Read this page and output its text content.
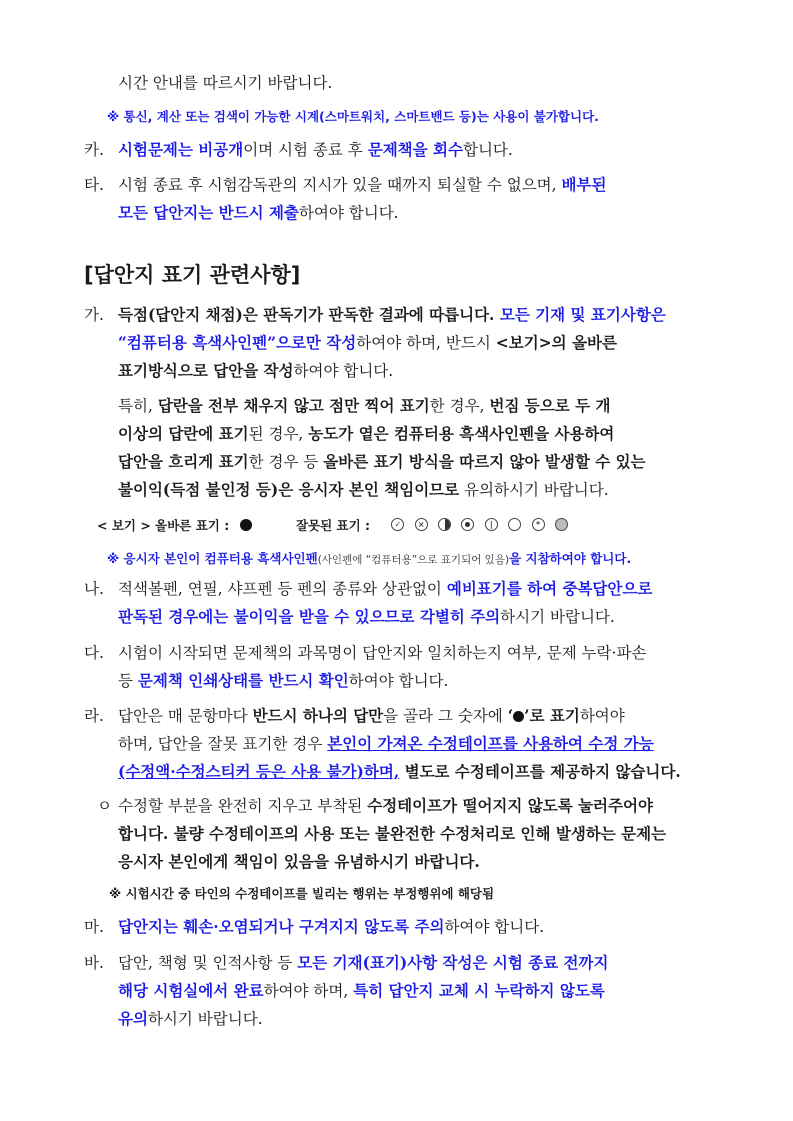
시간 안내를 따르시기 바랍니다.
※ 통신, 계산 또는 검색이 가능한 시계(스마트워치, 스마트밴드 등)는 사용이 불가합니다.
카. 시험문제는 비공개이며 시험 종료 후 문제책을 회수합니다.
타. 시험 종료 후 시험감독관의 지시가 있을 때까지 퇴실할 수 없으며, 배부된
모든 답안지는 반드시 제출하여야 합니다.
[답안지 표기 관련사항]
가. 득점(답안지 채점)은 판독기가 판독한 결과에 따릅니다. 모든 기재 및 표기사항은
“컴퓨터용 흑색사인펜”으로만 작성하여야 하며, 반드시 <보기>의 올바른
표기방식으로 답안을 작성하여야 합니다.
특히, 답란을 전부 채우지 않고 점만 찍어 표기한 경우, 번짐 등으로 두 개
이상의 답란에 표기된 경우, 농도가 옅은 컴퓨터용 흑색사인펜을 사용하여
답안을 흐리게 표기한 경우 등 올바른 표기 방식을 따르지 않아 발생할 수 있는
불이익(득점 불인정 등)은 응시자 본인 책임이므로 유의하시기 바랍니다.
< 보기 > 올바른 표기 :	잘못된 표기 :	✓ ×	|	*
※ 응시자 본인이 컴퓨터용 흑색사인펜(사인펜에 “컴퓨터용”으로 표기되어 있음)을 지참하여야 합니다.
나. 적색볼펜, 연필, 샤프펜 등 펜의 종류와 상관없이 예비표기를 하여 중복답안으로
판독된 경우에는 불이익을 받을 수 있으므로 각별히 주의하시기 바랍니다.
다. 시험이 시작되면 문제책의 과목명이 답안지와 일치하는지 여부, 문제 누락·파손
등 문제책 인쇄상태를 반드시 확인하여야 합니다.
라. 답안은 매 문항마다 반드시 하나의 답만을 골라 그 숫자에 ‘ ’로 표기하여야
하며, 답안을 잘못 표기한 경우 본인이 가져온 수정테이프를 사용하여 수정 가능
(수정액·수정스티커 등은 사용 불가)하며, 별도로 수정테이프를 제공하지 않습니다.
ㅇ 수정할 부분을 완전히 지우고 부착된 수정테이프가 떨어지지 않도록 눌러주어야
합니다. 불량 수정테이프의 사용 또는 불완전한 수정처리로 인해 발생하는 문제는
응시자 본인에게 책임이 있음을 유념하시기 바랍니다.
※ 시험시간 중 타인의 수정테이프를 빌리는 행위는 부정행위에 해당됨
마. 답안지는 훼손·오염되거나 구겨지지 않도록 주의하여야 합니다.
바. 답안, 책형 및 인적사항 등 모든 기재(표기)사항 작성은 시험 종료 전까지
해당 시험실에서 완료하여야 하며, 특히 답안지 교체 시 누락하지 않도록
유의하시기 바랍니다.
